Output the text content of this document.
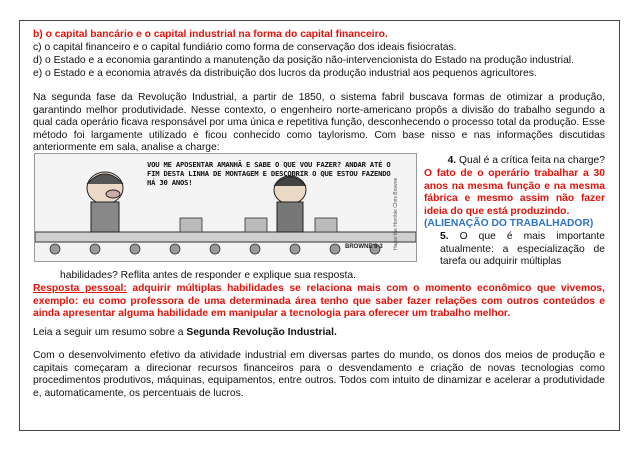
b) o capital bancário e o capital industrial na forma do capital financeiro.
c) o capital financeiro e o capital fundiário como forma de conservação dos ideais fisiocratas.
d) o Estado e a economia garantindo a manutenção da posição não-intervencionista do Estado na produção industrial.
e) o Estado e a economia através da distribuição dos lucros da produção industrial aos pequenos agricultores.
Na segunda fase da Revolução Industrial, a partir de 1850, o sistema fabril buscava formas de otimizar a produção, garantindo melhor produtividade. Nesse contexto, o engenheiro norte-americano propôs a divisão do trabalho segundo a qual cada operário ficava responsável por uma única e repetitiva função, desconhecendo o processo total da produção. Esse método foi largamente utilizado e ficou conhecido como taylorismo. Com base nisso e nas informações discutidas anteriormente em sala, analise a charge:
VOU ME APOSENTAR AMANHÃ E SABE O QUE VOU FAZER? ANDAR ATÉ O FIM DESTA LINHA DE MONTAGEM E DESCOBRIR O QUE ESTOU FAZENDO HÁ 30 ANOS!
BROWNE 8-3 Hagar the Horrible Chris Browne
4. Qual é a crítica feita na charge?
O fato de o operário trabalhar a 30 anos na mesma função e na mesma fábrica e mesmo assim não fazer ideia do que está produzindo.
(ALIENAÇÃO DO TRABALHADOR)
5. O que é mais importante atualmente: a especialização de tarefa ou adquirir múltiplas
habilidades? Reflita antes de responder e explique sua resposta.
Resposta pessoal: adquirir múltiplas habilidades se relaciona mais com o momento econômico que vivemos, exemplo: eu como professora de uma determinada área tenho que saber fazer relações com outros conteúdos e ainda apresentar alguma habilidade em manipular a tecnologia para oferecer um trabalho melhor.
Leia a seguir um resumo sobre a Segunda Revolução Industrial.
Com o desenvolvimento efetivo da atividade industrial em diversas partes do mundo, os donos dos meios de produção e capitais começaram a direcionar recursos financeiros para o desvendamento e criação de novas tecnologias como procedimentos produtivos, máquinas, equipamentos, entre outros. Todos com intuito de dinamizar e acelerar a produtividade e, automaticamente, os percentuais de lucros.
